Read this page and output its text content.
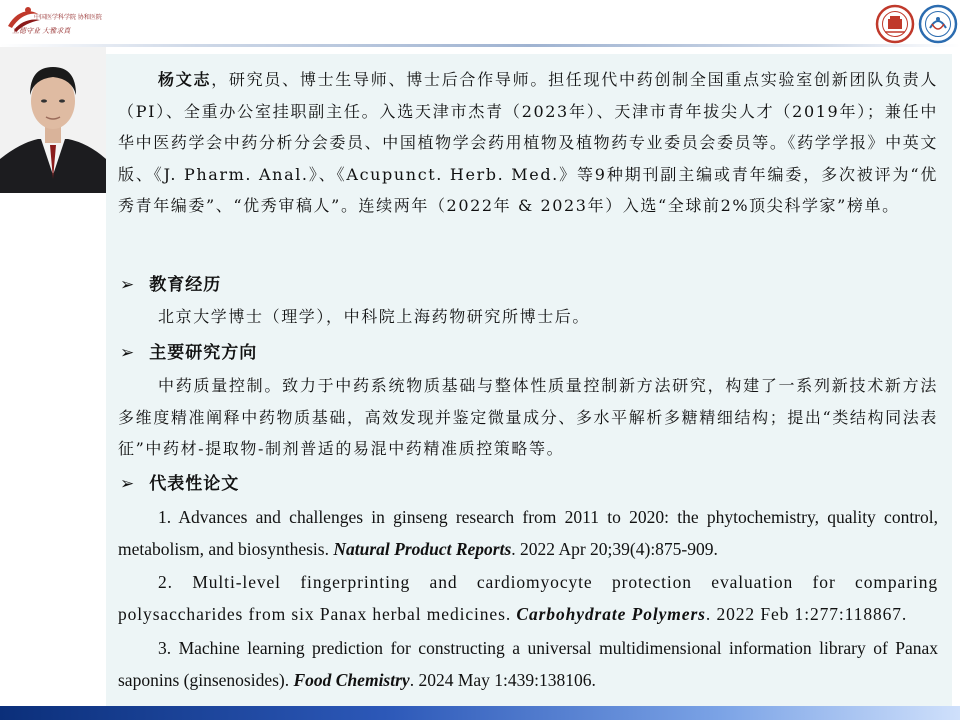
中国医学科学院 协和医院
立德守业 大雅求真

杨文志，研究员、博士生导师、博士后合作导师。担任现代中药创制全国重点实验室创新团队负责人（PI）、全重办公室挂职副主任。入选天津市杰青（2023年）、天津市青年拔尖人才（2019年）；兼任中华中医药学会中药分析分会委员、中国植物学会药用植物及植物药专业委员会委员等。《药学学报》中英文版、《J. Pharm. Anal.》、《Acupunct. Herb. Med.》等9种期刊副主编或青年编委，多次被评为“优秀青年编委”、“优秀审稿人”。连续两年（2022年 & 2023年）入选“全球前2%顶尖科学家”榜单。

➢ 教育经历

北京大学博士（理学），中科院上海药物研究所博士后。

➢ 主要研究方向

中药质量控制。致力于中药系统物质基础与整体性质量控制新方法研究，构建了一系列新技术新方法多维度精准阐释中药物质基础，高效发现并鉴定微量成分、多水平解析多糖精细结构；提出“类结构同法表征”中药材-提取物-制剂普适的易混中药精准质控策略等。

➢ 代表性论文

1. Advances and challenges in ginseng research from 2011 to 2020: the phytochemistry, quality control, metabolism, and biosynthesis. Natural Product Reports. 2022 Apr 20;39(4):875-909.

2. Multi-level fingerprinting and cardiomyocyte protection evaluation for comparing polysaccharides from six Panax herbal medicines. Carbohydrate Polymers. 2022 Feb 1:277:118867.

3. Machine learning prediction for constructing a universal multidimensional information library of Panax saponins (ginsenosides). Food Chemistry. 2024 May 1:439:138106.
